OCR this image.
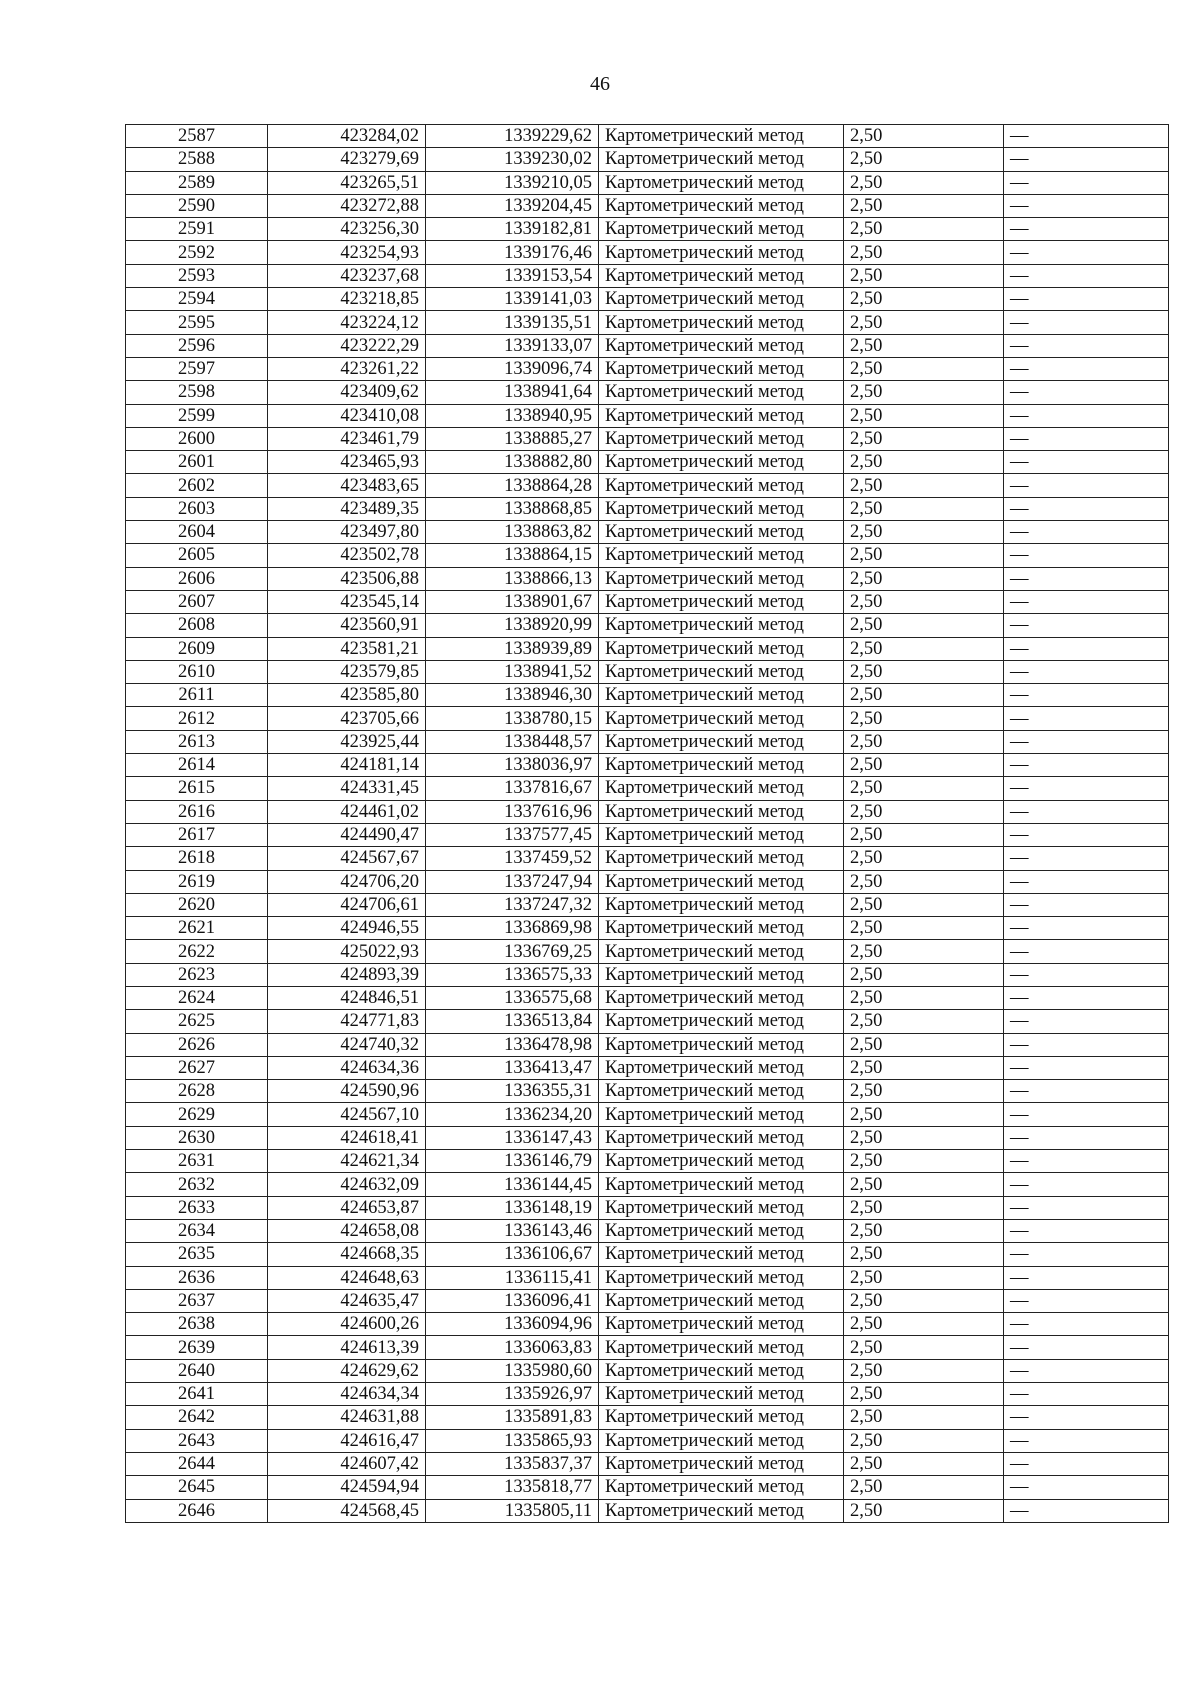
46
2587	423284,02	1339229,62	Картометрический метод	2,50	—
2588	423279,69	1339230,02	Картометрический метод	2,50	—
2589	423265,51	1339210,05	Картометрический метод	2,50	—
2590	423272,88	1339204,45	Картометрический метод	2,50	—
2591	423256,30	1339182,81	Картометрический метод	2,50	—
2592	423254,93	1339176,46	Картометрический метод	2,50	—
2593	423237,68	1339153,54	Картометрический метод	2,50	—
2594	423218,85	1339141,03	Картометрический метод	2,50	—
2595	423224,12	1339135,51	Картометрический метод	2,50	—
2596	423222,29	1339133,07	Картометрический метод	2,50	—
2597	423261,22	1339096,74	Картометрический метод	2,50	—
2598	423409,62	1338941,64	Картометрический метод	2,50	—
2599	423410,08	1338940,95	Картометрический метод	2,50	—
2600	423461,79	1338885,27	Картометрический метод	2,50	—
2601	423465,93	1338882,80	Картометрический метод	2,50	—
2602	423483,65	1338864,28	Картометрический метод	2,50	—
2603	423489,35	1338868,85	Картометрический метод	2,50	—
2604	423497,80	1338863,82	Картометрический метод	2,50	—
2605	423502,78	1338864,15	Картометрический метод	2,50	—
2606	423506,88	1338866,13	Картометрический метод	2,50	—
2607	423545,14	1338901,67	Картометрический метод	2,50	—
2608	423560,91	1338920,99	Картометрический метод	2,50	—
2609	423581,21	1338939,89	Картометрический метод	2,50	—
2610	423579,85	1338941,52	Картометрический метод	2,50	—
2611	423585,80	1338946,30	Картометрический метод	2,50	—
2612	423705,66	1338780,15	Картометрический метод	2,50	—
2613	423925,44	1338448,57	Картометрический метод	2,50	—
2614	424181,14	1338036,97	Картометрический метод	2,50	—
2615	424331,45	1337816,67	Картометрический метод	2,50	—
2616	424461,02	1337616,96	Картометрический метод	2,50	—
2617	424490,47	1337577,45	Картометрический метод	2,50	—
2618	424567,67	1337459,52	Картометрический метод	2,50	—
2619	424706,20	1337247,94	Картометрический метод	2,50	—
2620	424706,61	1337247,32	Картометрический метод	2,50	—
2621	424946,55	1336869,98	Картометрический метод	2,50	—
2622	425022,93	1336769,25	Картометрический метод	2,50	—
2623	424893,39	1336575,33	Картометрический метод	2,50	—
2624	424846,51	1336575,68	Картометрический метод	2,50	—
2625	424771,83	1336513,84	Картометрический метод	2,50	—
2626	424740,32	1336478,98	Картометрический метод	2,50	—
2627	424634,36	1336413,47	Картометрический метод	2,50	—
2628	424590,96	1336355,31	Картометрический метод	2,50	—
2629	424567,10	1336234,20	Картометрический метод	2,50	—
2630	424618,41	1336147,43	Картометрический метод	2,50	—
2631	424621,34	1336146,79	Картометрический метод	2,50	—
2632	424632,09	1336144,45	Картометрический метод	2,50	—
2633	424653,87	1336148,19	Картометрический метод	2,50	—
2634	424658,08	1336143,46	Картометрический метод	2,50	—
2635	424668,35	1336106,67	Картометрический метод	2,50	—
2636	424648,63	1336115,41	Картометрический метод	2,50	—
2637	424635,47	1336096,41	Картометрический метод	2,50	—
2638	424600,26	1336094,96	Картометрический метод	2,50	—
2639	424613,39	1336063,83	Картометрический метод	2,50	—
2640	424629,62	1335980,60	Картометрический метод	2,50	—
2641	424634,34	1335926,97	Картометрический метод	2,50	—
2642	424631,88	1335891,83	Картометрический метод	2,50	—
2643	424616,47	1335865,93	Картометрический метод	2,50	—
2644	424607,42	1335837,37	Картометрический метод	2,50	—
2645	424594,94	1335818,77	Картометрический метод	2,50	—
2646	424568,45	1335805,11	Картометрический метод	2,50	—
